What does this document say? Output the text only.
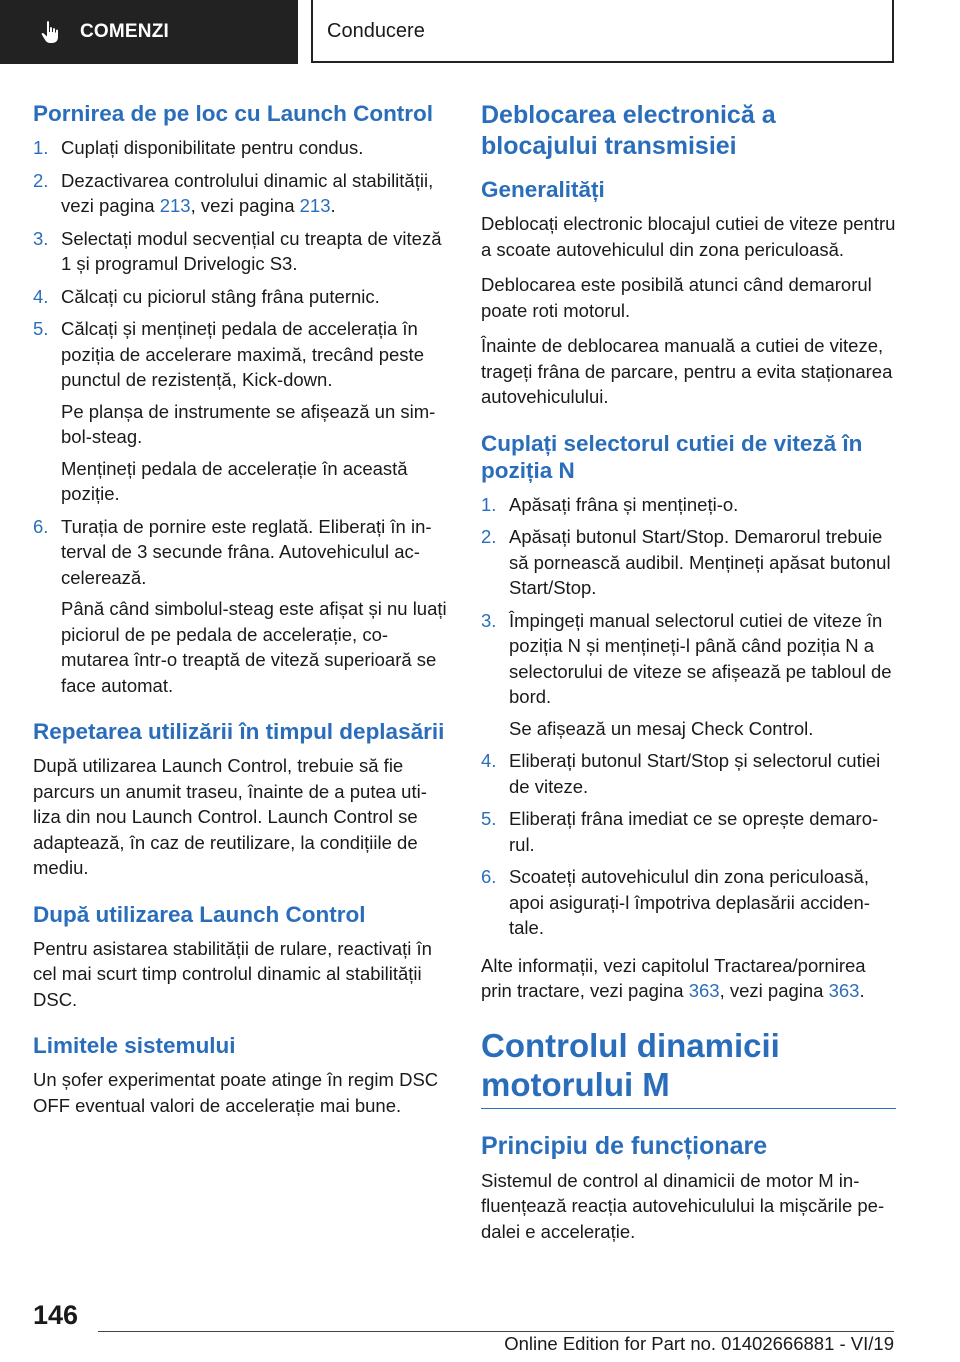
COMENZI	Conducere
Pornirea de pe loc cu Launch Control
1. Cuplați disponibilitate pentru condus.
2. Dezactivarea controlului dinamic al stabilității, vezi pagina 213, vezi pagina 213.
3. Selectați modul secvențial cu treapta de viteză 1 și programul Drivelogic S3.
4. Călcați cu piciorul stâng frâna puternic.
5. Călcați și mențineți pedala de accelerația în poziția de accelerare maximă, trecând peste punctul de rezistență, Kick-down.
Pe planșa de instrumente se afișează un simbol-steag.
Mențineți pedala de accelerație în această poziție.
6. Turația de pornire este reglată. Eliberați în interval de 3 secunde frâna. Autovehiculul accelerează.
Până când simbolul-steag este afișat și nu luați piciorul de pe pedala de accelerație, comutarea într-o treaptă de viteză superioară se face automat.
Repetarea utilizării în timpul deplasării

După utilizarea Launch Control, trebuie să fie parcurs un anumit traseu, înainte de a putea utiliza din nou Launch Control. Launch Control se adaptează, în caz de reutilizare, la condițiile de mediu.

După utilizarea Launch Control

Pentru asistarea stabilității de rulare, reactivați în cel mai scurt timp controlul dinamic al stabilității DSC.

Limitele sistemului

Un șofer experimentat poate atinge în regim DSC OFF eventual valori de accelerație mai bune.

Deblocarea electronică a blocajului transmisiei
Generalități

Deblocați electronic blocajul cutiei de viteze pentru a scoate autovehiculul din zona periculoasă.

Deblocarea este posibilă atunci când demarorul poate roti motorul.

Înainte de deblocarea manuală a cutiei de viteze, trageți frâna de parcare, pentru a evita staționarea autovehiculului.

Cuplați selectorul cutiei de viteză în poziția N
1. Apăsați frâna și mențineți-o.
2. Apăsați butonul Start/Stop. Demarorul trebuie să pornească audibil. Mențineți apăsat butonul Start/Stop.
3. Împingeți manual selectorul cutiei de viteze în poziția N și mențineți-l până când poziția N a selectorului de viteze se afișează pe tabloul de bord.
Se afișează un mesaj Check Control.
4. Eliberați butonul Start/Stop și selectorul cutiei de viteze.
5. Eliberați frâna imediat ce se oprește demarorul.
6. Scoateți autovehiculul din zona periculoasă, apoi asigurați-l împotriva deplasării accidentale.

Alte informații, vezi capitolul Tractarea/pornirea prin tractare, vezi pagina 363, vezi pagina 363.

Controlul dinamicii motorului M
Principiu de funcționare

Sistemul de control al dinamicii de motor M influențează reacția autovehiculului la mișcările pedalei e accelerație.

146
Online Edition for Part no. 01402666881 - VI/19
